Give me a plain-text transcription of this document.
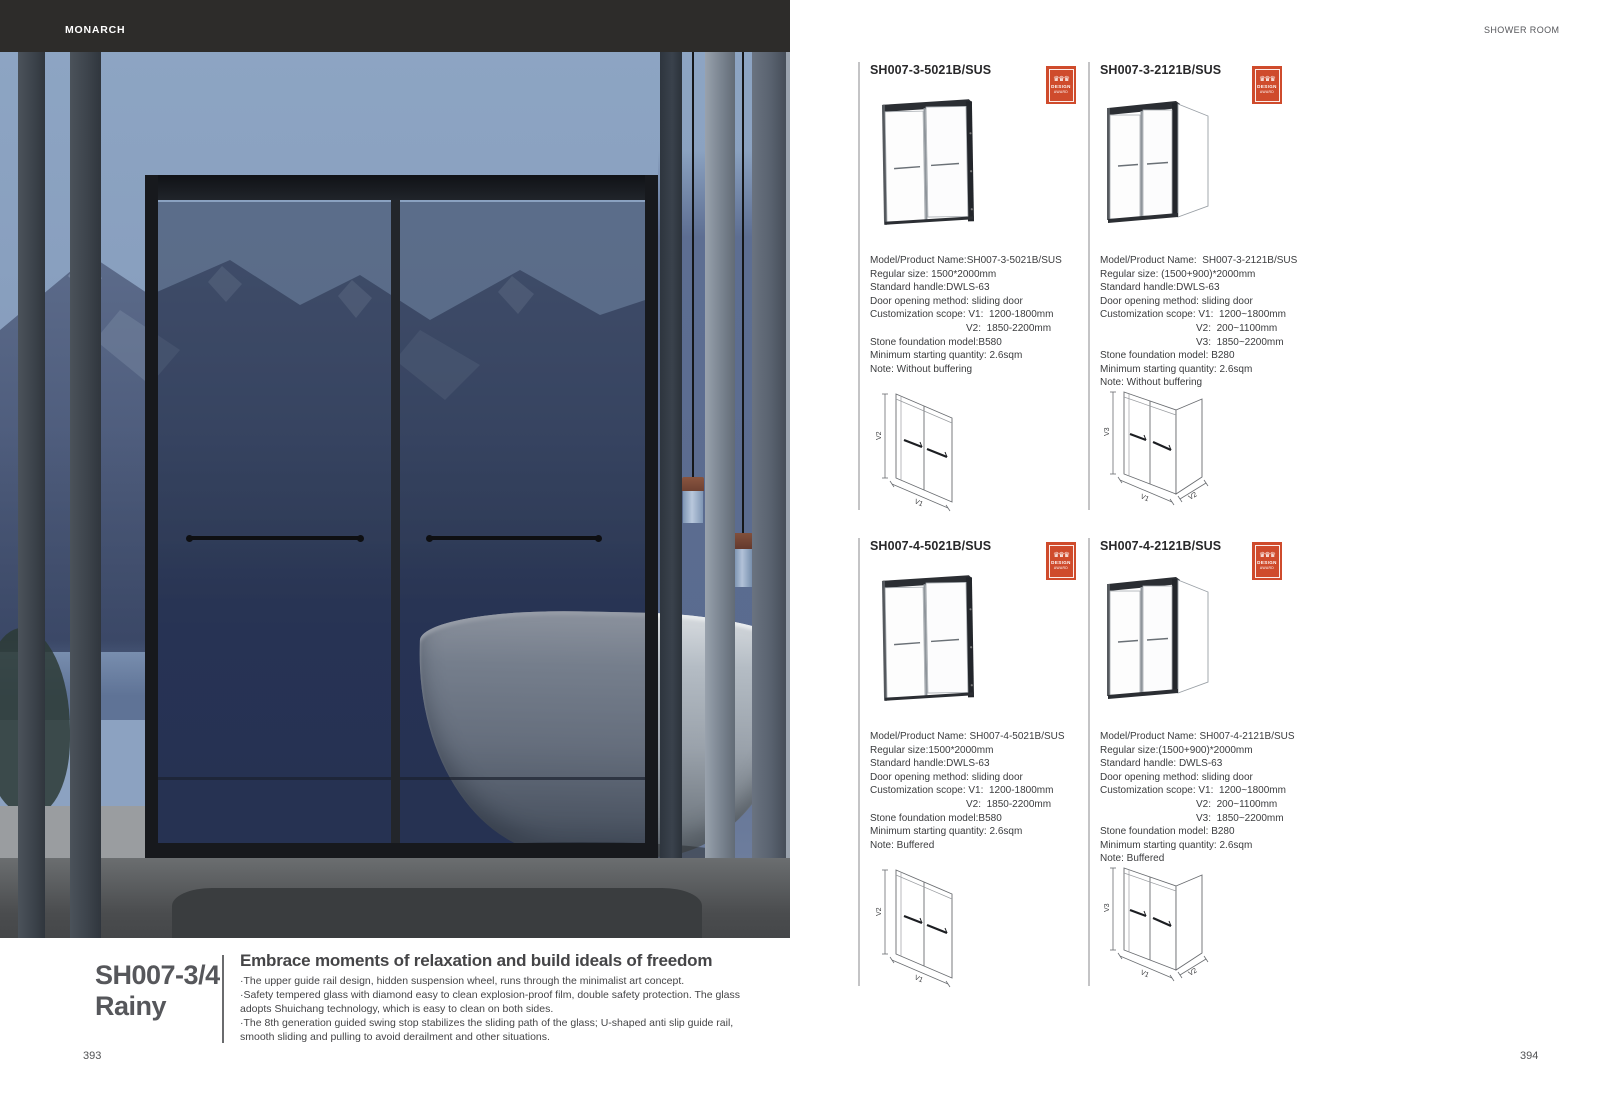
MONARCH
SH007-3/4
Rainy
Embrace moments of relaxation and build ideals of freedom
·The upper guide rail design, hidden suspension wheel, runs through the minimalist art concept.
·Safety tempered glass with diamond easy to clean explosion-proof film, double safety protection. The glass adopts Shuichang technology, which is easy to clean on both sides.
·The 8th generation guided swing stop stabilizes the sliding path of the glass; U-shaped anti slip guide rail, smooth sliding and pulling to avoid derailment and other situations.
393	394
SHOWER ROOM
SH007-3-5021B/SUS
♛♛♛
DESIGN
AWARD
Model/Product Name:SH007-3-5021B/SUS
Regular size: 1500*2000mm
Standard handle:DWLS-63
Door opening method: sliding door
Customization scope: V1:  1200-1800mm
V2:  1850-2200mm
Stone foundation model:B580
Minimum starting quantity: 2.6sqm
Note: Without buffering
V2
V1
SH007-3-2121B/SUS
♛♛♛
DESIGN
AWARD
Model/Product Name:  SH007-3-2121B/SUS
Regular size: (1500+900)*2000mm
Standard handle:DWLS-63
Door opening method: sliding door
Customization scope: V1:  1200~1800mm
V2:  200~1100mm
V3:  1850~2200mm
Stone foundation model: B280
Minimum starting quantity: 2.6sqm
Note: Without buffering
V3
V1	V2
SH007-4-5021B/SUS
♛♛♛
DESIGN
AWARD
Model/Product Name: SH007-4-5021B/SUS
Regular size:1500*2000mm
Standard handle:DWLS-63
Door opening method: sliding door
Customization scope: V1:  1200-1800mm
V2:  1850-2200mm
Stone foundation model:B580
Minimum starting quantity: 2.6sqm
Note: Buffered
V2
V1
SH007-4-2121B/SUS
♛♛♛
DESIGN
AWARD
Model/Product Name: SH007-4-2121B/SUS
Regular size:(1500+900)*2000mm
Standard handle: DWLS-63
Door opening method: sliding door
Customization scope: V1:  1200~1800mm
V2:  200~1100mm
V3:  1850~2200mm
Stone foundation model: B280
Minimum starting quantity: 2.6sqm
Note: Buffered
V3
V1	V2
